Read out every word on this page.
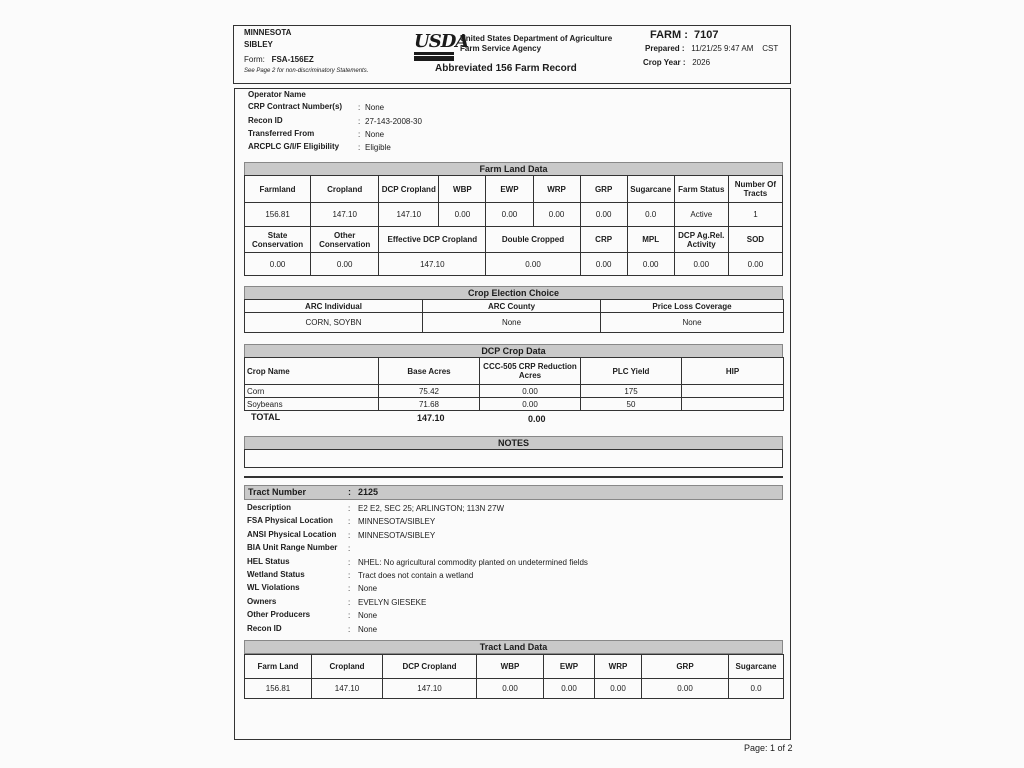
MINNESOTA
SIBLEY
Form: FSA-156EZ
See Page 2 for non-discriminatory Statements.
USDA
United States Department of Agriculture
Farm Service Agency
Abbreviated 156 Farm Record
FARM : 7107
Prepared : 11/21/25 9:47 AM CST
Crop Year : 2026
Operator Name
CRP Contract Number(s) : None
Recon ID	: 27-143-2008-30
Transferred From	: None
ARCPLC G/I/F Eligibility : Eligible
Farm Land Data
Farmland	Cropland	DCP Cropland	WBP	EWP	WRP	GRP	Sugarcane	Farm Status	Number Of Tracts
156.81	147.10	147.10	0.00	0.00	0.00	0.00	0.0	Active	1
State Conservation	Other Conservation	Effective DCP Cropland		Double Cropped		CRP	MPL	DCP Ag.Rel. Activity	SOD
0.00	0.00	147.10		0.00		0.00	0.00	0.00	0.00
Crop Election Choice
ARC Individual	ARC County	Price Loss Coverage
CORN, SOYBN	None	None
DCP Crop Data
Crop Name	Base Acres	CCC-505 CRP Reduction Acres	PLC Yield	HIP
Corn	75.42	0.00	175	
Soybeans	71.68	0.00	50	
TOTAL	147.10	0.00
NOTES
Tract Number	: 2125
Description	: E2 E2, SEC 25; ARLINGTON; 113N 27W
FSA Physical Location : MINNESOTA/SIBLEY
ANSI Physical Location : MINNESOTA/SIBLEY
BIA Unit Range Number :
HEL Status	: NHEL: No agricultural commodity planted on undetermined fields
Wetland Status	: Tract does not contain a wetland
WL Violations	: None
Owners	: EVELYN GIESEKE
Other Producers	: None
Recon ID	: None
Tract Land Data
Farm Land	Cropland	DCP Cropland	WBP	EWP	WRP	GRP	Sugarcane
156.81	147.10	147.10	0.00	0.00	0.00	0.00	0.0
Page: 1 of 2
